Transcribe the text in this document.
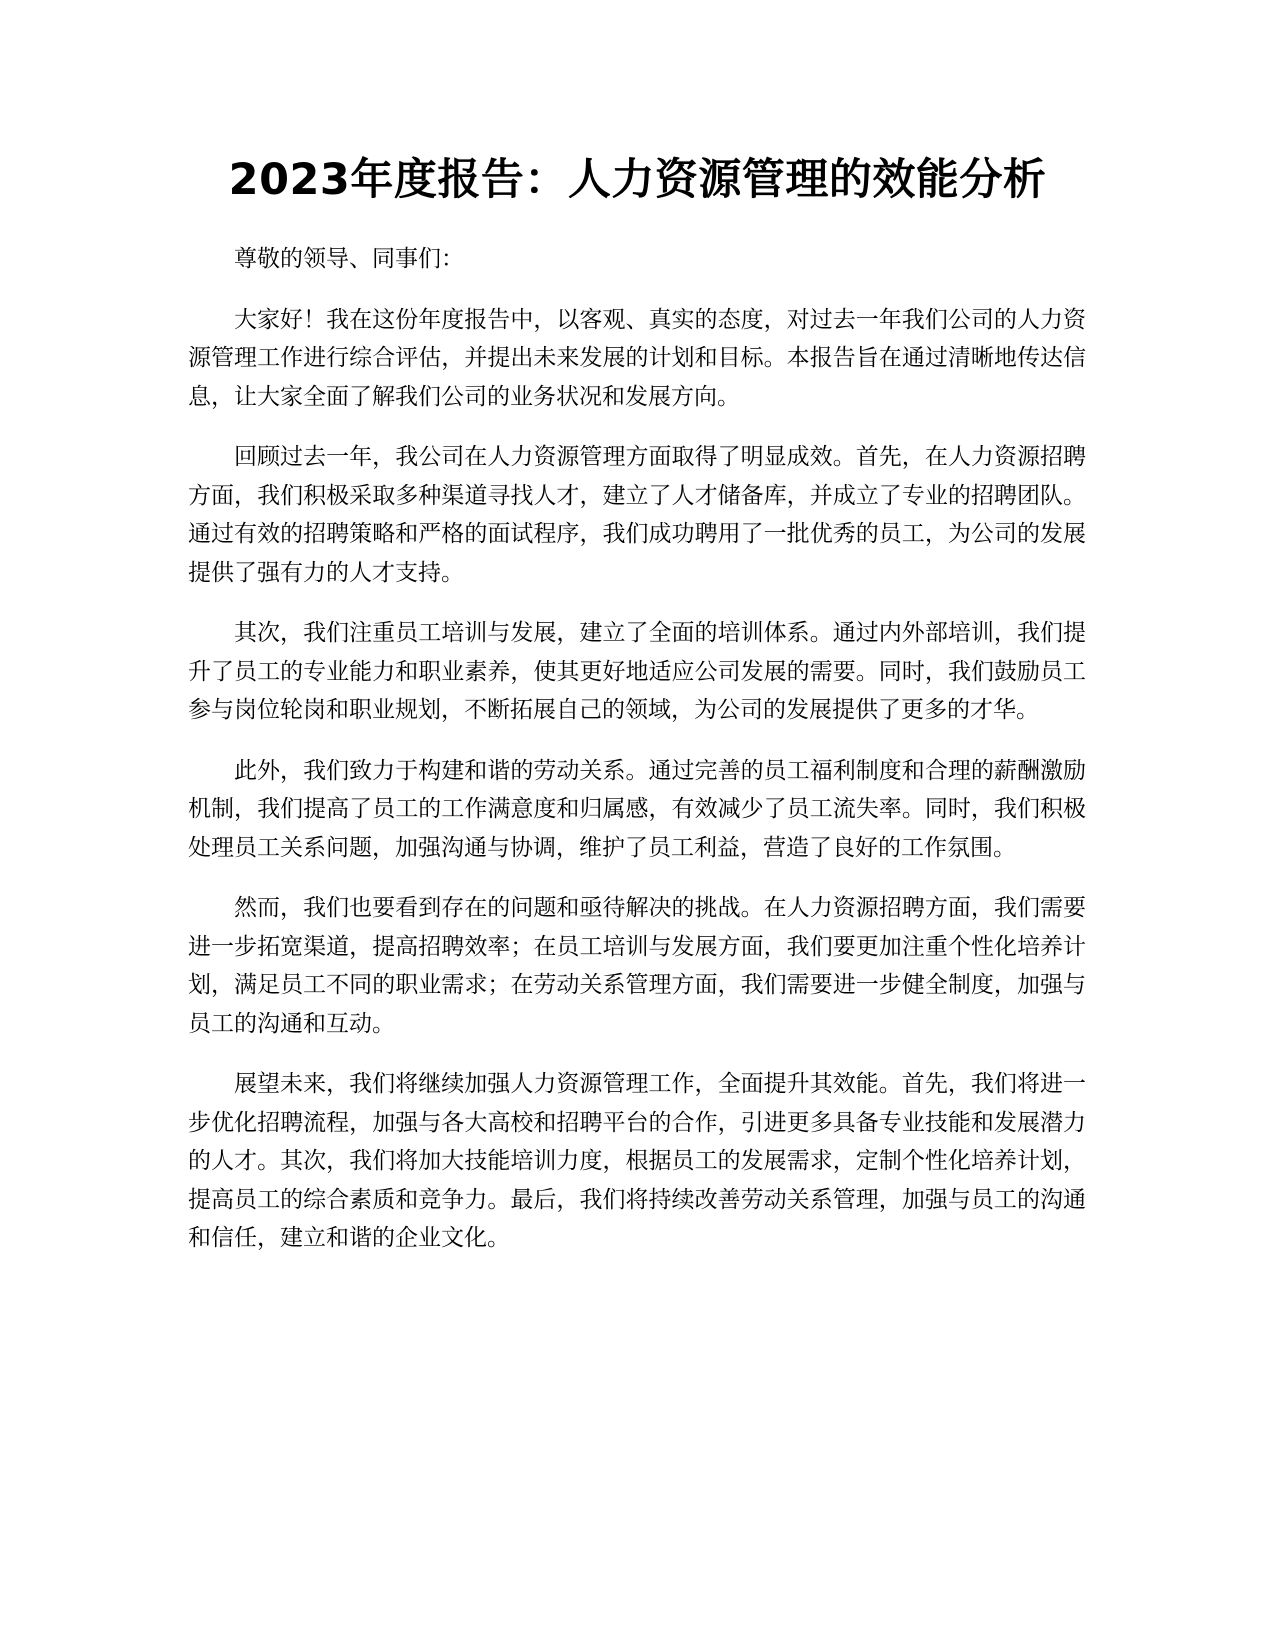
2023年度报告：人力资源管理的效能分析

尊敬的领导、同事们：

大家好！我在这份年度报告中，以客观、真实的态度，对过去一年我们公司的人力资源管理工作进行综合评估，并提出未来发展的计划和目标。本报告旨在通过清晰地传达信息，让大家全面了解我们公司的业务状况和发展方向。

回顾过去一年，我公司在人力资源管理方面取得了明显成效。首先，在人力资源招聘方面，我们积极采取多种渠道寻找人才，建立了人才储备库，并成立了专业的招聘团队。通过有效的招聘策略和严格的面试程序，我们成功聘用了一批优秀的员工，为公司的发展提供了强有力的人才支持。

其次，我们注重员工培训与发展，建立了全面的培训体系。通过内外部培训，我们提升了员工的专业能力和职业素养，使其更好地适应公司发展的需要。同时，我们鼓励员工参与岗位轮岗和职业规划，不断拓展自己的领域，为公司的发展提供了更多的才华。

此外，我们致力于构建和谐的劳动关系。通过完善的员工福利制度和合理的薪酬激励机制，我们提高了员工的工作满意度和归属感，有效减少了员工流失率。同时，我们积极处理员工关系问题，加强沟通与协调，维护了员工利益，营造了良好的工作氛围。

然而，我们也要看到存在的问题和亟待解决的挑战。在人力资源招聘方面，我们需要进一步拓宽渠道，提高招聘效率；在员工培训与发展方面，我们要更加注重个性化培养计划，满足员工不同的职业需求；在劳动关系管理方面，我们需要进一步健全制度，加强与员工的沟通和互动。

展望未来，我们将继续加强人力资源管理工作，全面提升其效能。首先，我们将进一步优化招聘流程，加强与各大高校和招聘平台的合作，引进更多具备专业技能和发展潜力的人才。其次，我们将加大技能培训力度，根据员工的发展需求，定制个性化培养计划，提高员工的综合素质和竞争力。最后，我们将持续改善劳动关系管理，加强与员工的沟通和信任，建立和谐的企业文化。
